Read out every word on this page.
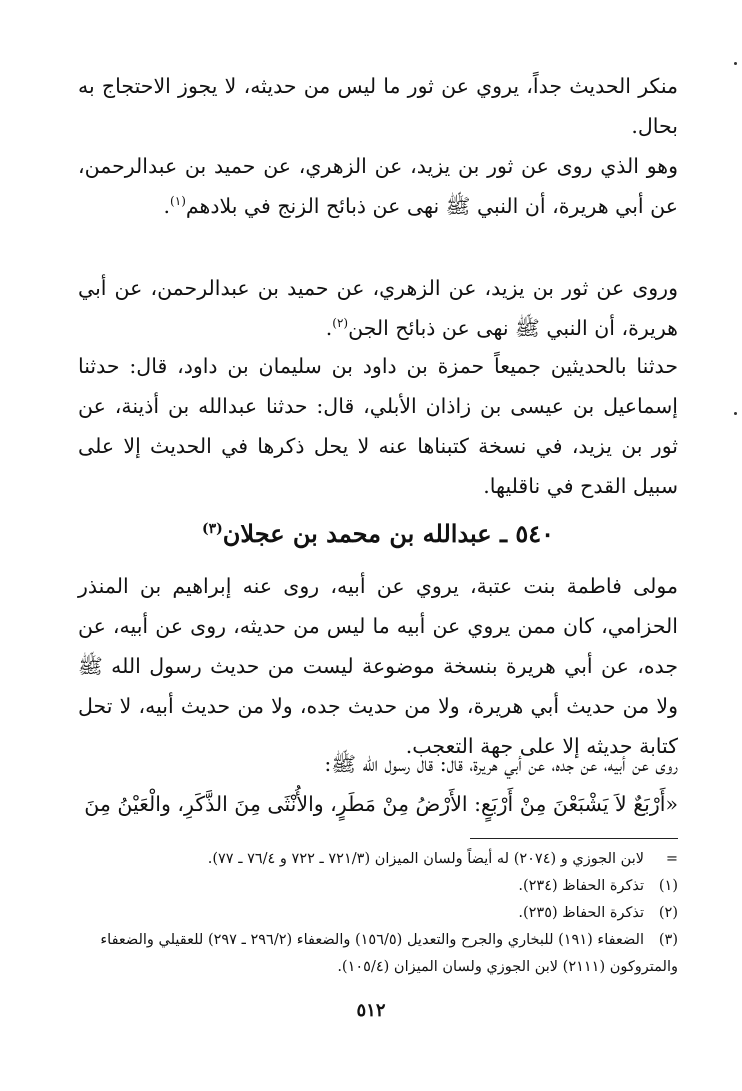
منكر الحديث جداً، يروي عن ثور ما ليس من حديثه، لا يجوز الاحتجاج به بحال.
وهو الذي روى عن ثور بن يزيد، عن الزهري، عن حميد بن عبدالرحمن، عن أبي هريرة، أن النبي ﷺ نهى عن ذبائح الزنج في بلادهم$^{(١)}$.
وروى عن ثور بن يزيد، عن الزهري، عن حميد بن عبدالرحمن، عن أبي هريرة، أن النبي ﷺ نهى عن ذبائح الجن$^{(٢)}$.
حدثنا بالحديثين جميعاً حمزة بن داود بن سليمان بن داود، قال: حدثنا إسماعيل بن عيسى بن زاذان الأبلي، قال: حدثنا عبدالله بن أذينة، عن ثور بن يزيد، في نسخة كتبناها عنه لا يحل ذكرها في الحديث إلا على سبيل القدح في ناقليها.
٥٤٠ ـ عبدالله بن محمد بن عجلان$^{(٣)}$
مولى فاطمة بنت عتبة، يروي عن أبيه، روى عنه إبراهيم بن المنذر الحزامي، كان ممن يروي عن أبيه ما ليس من حديثه، روى عن أبيه، عن جده، عن أبي هريرة بنسخة موضوعة ليست من حديث رسول الله ﷺ ولا من حديث أبي هريرة، ولا من حديث جده، ولا من حديث أبيه، لا تحل كتابة حديثه إلا على جهة التعجب.
روى عن أبيه، عن جده، عن أبي هريرة، قال: قال رسول الله ﷺ:
«أَرْبَعٌ لاَ يَشْبَعْنَ مِنْ أَرْبَعٍ: الأَرْضُ مِنْ مَطَرٍ، والأُنْثَى مِنَ الذَّكَرِ، والْعَيْنُ مِنَ
=لابن الجوزي و (٢٠٧٤) له أيضاً ولسان الميزان (٧٢١/٣ ـ ٧٢٢ و ٧٦/٤ ـ ٧٧).
(١)تذكرة الحفاظ (٢٣٤).
(٢)تذكرة الحفاظ (٢٣٥).
(٣)الضعفاء (١٩١) للبخاري والجرح والتعديل (١٥٦/٥) والضعفاء (٢٩٦/٢ ـ ٢٩٧) للعقيلي والضعفاء والمتروكون (٢١١١) لابن الجوزي ولسان الميزان (١٠٥/٤).
٥١٢
